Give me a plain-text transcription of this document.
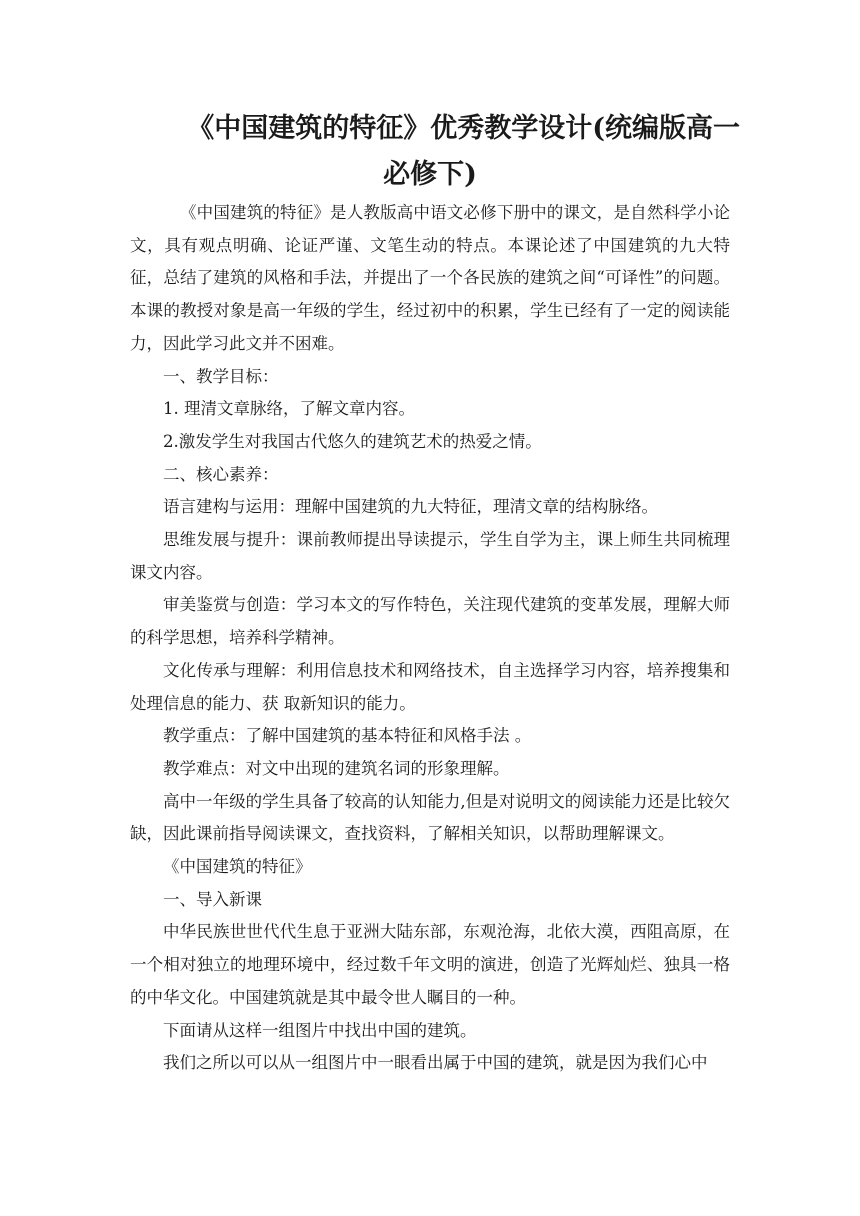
《中国建筑的特征》优秀教学设计(统编版高一
必修下)

《中国建筑的特征》是人教版高中语文必修下册中的课文，是自然科学小论文，具有观点明确、论证严谨、文笔生动的特点。本课论述了中国建筑的九大特征，总结了建筑的风格和手法，并提出了一个各民族的建筑之间“可译性”的问题。本课的教授对象是高一年级的学生，经过初中的积累，学生已经有了一定的阅读能力，因此学习此文并不困难。

一、教学目标：

1. 理清文章脉络，了解文章内容。

2.激发学生对我国古代悠久的建筑艺术的热爱之情。

二、核心素养：

语言建构与运用：理解中国建筑的九大特征，理清文章的结构脉络。

思维发展与提升：课前教师提出导读提示，学生自学为主，课上师生共同梳理课文内容。

审美鉴赏与创造：学习本文的写作特色，关注现代建筑的变革发展，理解大师的科学思想，培养科学精神。

文化传承与理解：利用信息技术和网络技术，自主选择学习内容，培养搜集和处理信息的能力、获 取新知识的能力。

教学重点：了解中国建筑的基本特征和风格手法 。

教学难点：对文中出现的建筑名词的形象理解。

高中一年级的学生具备了较高的认知能力,但是对说明文的阅读能力还是比较欠缺，因此课前指导阅读课文，查找资料，了解相关知识，以帮助理解课文。

《中国建筑的特征》

一、导入新课

中华民族世世代代生息于亚洲大陆东部，东观沧海，北依大漠，西阻高原，在一个相对独立的地理环境中，经过数千年文明的演进，创造了光辉灿烂、独具一格的中华文化。中国建筑就是其中最令世人瞩目的一种。

下面请从这样一组图片中找出中国的建筑。

我们之所以可以从一组图片中一眼看出属于中国的建筑，就是因为我们心中
